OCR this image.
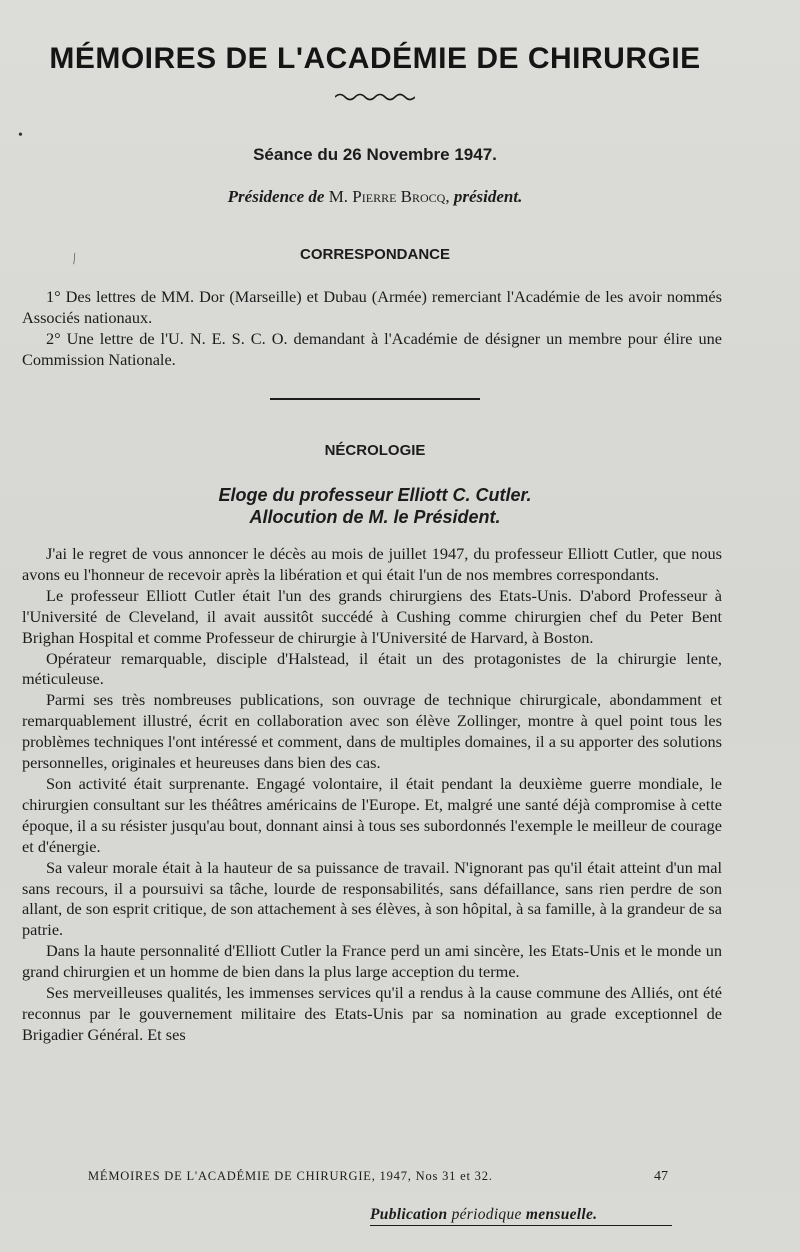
MÉMOIRES DE L'ACADÉMIE DE CHIRURGIE
Séance du 26 Novembre 1947.
Présidence de M. Pierre Brocq, président.
CORRESPONDANCE

1° Des lettres de MM. Dor (Marseille) et Dubau (Armée) remerciant l'Académie de les avoir nommés Associés nationaux.

2° Une lettre de l'U. N. E. S. C. O. demandant à l'Académie de désigner un membre pour élire une Commission Nationale.

NÉCROLOGIE
Eloge du professeur Elliott C. Cutler.
Allocution de M. le Président.

J'ai le regret de vous annoncer le décès au mois de juillet 1947, du professeur Elliott Cutler, que nous avons eu l'honneur de recevoir après la libération et qui était l'un de nos membres correspondants.

Le professeur Elliott Cutler était l'un des grands chirurgiens des Etats-Unis. D'abord Professeur à l'Université de Cleveland, il avait aussitôt succédé à Cushing comme chirurgien chef du Peter Bent Brighan Hospital et comme Professeur de chirurgie à l'Université de Harvard, à Boston.

Opérateur remarquable, disciple d'Halstead, il était un des protagonistes de la chirurgie lente, méticuleuse.

Parmi ses très nombreuses publications, son ouvrage de technique chirurgicale, abondamment et remarquablement illustré, écrit en collaboration avec son élève Zollinger, montre à quel point tous les problèmes techniques l'ont intéressé et comment, dans de multiples domaines, il a su apporter des solutions personnelles, originales et heureuses dans bien des cas.

Son activité était surprenante. Engagé volontaire, il était pendant la deuxième guerre mondiale, le chirurgien consultant sur les théâtres américains de l'Europe. Et, malgré une santé déjà compromise à cette époque, il a su résister jusqu'au bout, donnant ainsi à tous ses subordonnés l'exemple le meilleur de courage et d'énergie.

Sa valeur morale était à la hauteur de sa puissance de travail. N'ignorant pas qu'il était atteint d'un mal sans recours, il a poursuivi sa tâche, lourde de responsabilités, sans défaillance, sans rien perdre de son allant, de son esprit critique, de son attachement à ses élèves, à son hôpital, à sa famille, à la grandeur de sa patrie.

Dans la haute personnalité d'Elliott Cutler la France perd un ami sincère, les Etats-Unis et le monde un grand chirurgien et un homme de bien dans la plus large acception du terme.

Ses merveilleuses qualités, les immenses services qu'il a rendus à la cause commune des Alliés, ont été reconnus par le gouvernement militaire des Etats-Unis par sa nomination au grade exceptionnel de Brigadier Général. Et ses

MÉMOIRES DE L'ACADÉMIE DE CHIRURGIE, 1947, Nos 31 et 32.	47
Publication périodique mensuelle.
•
⁄
